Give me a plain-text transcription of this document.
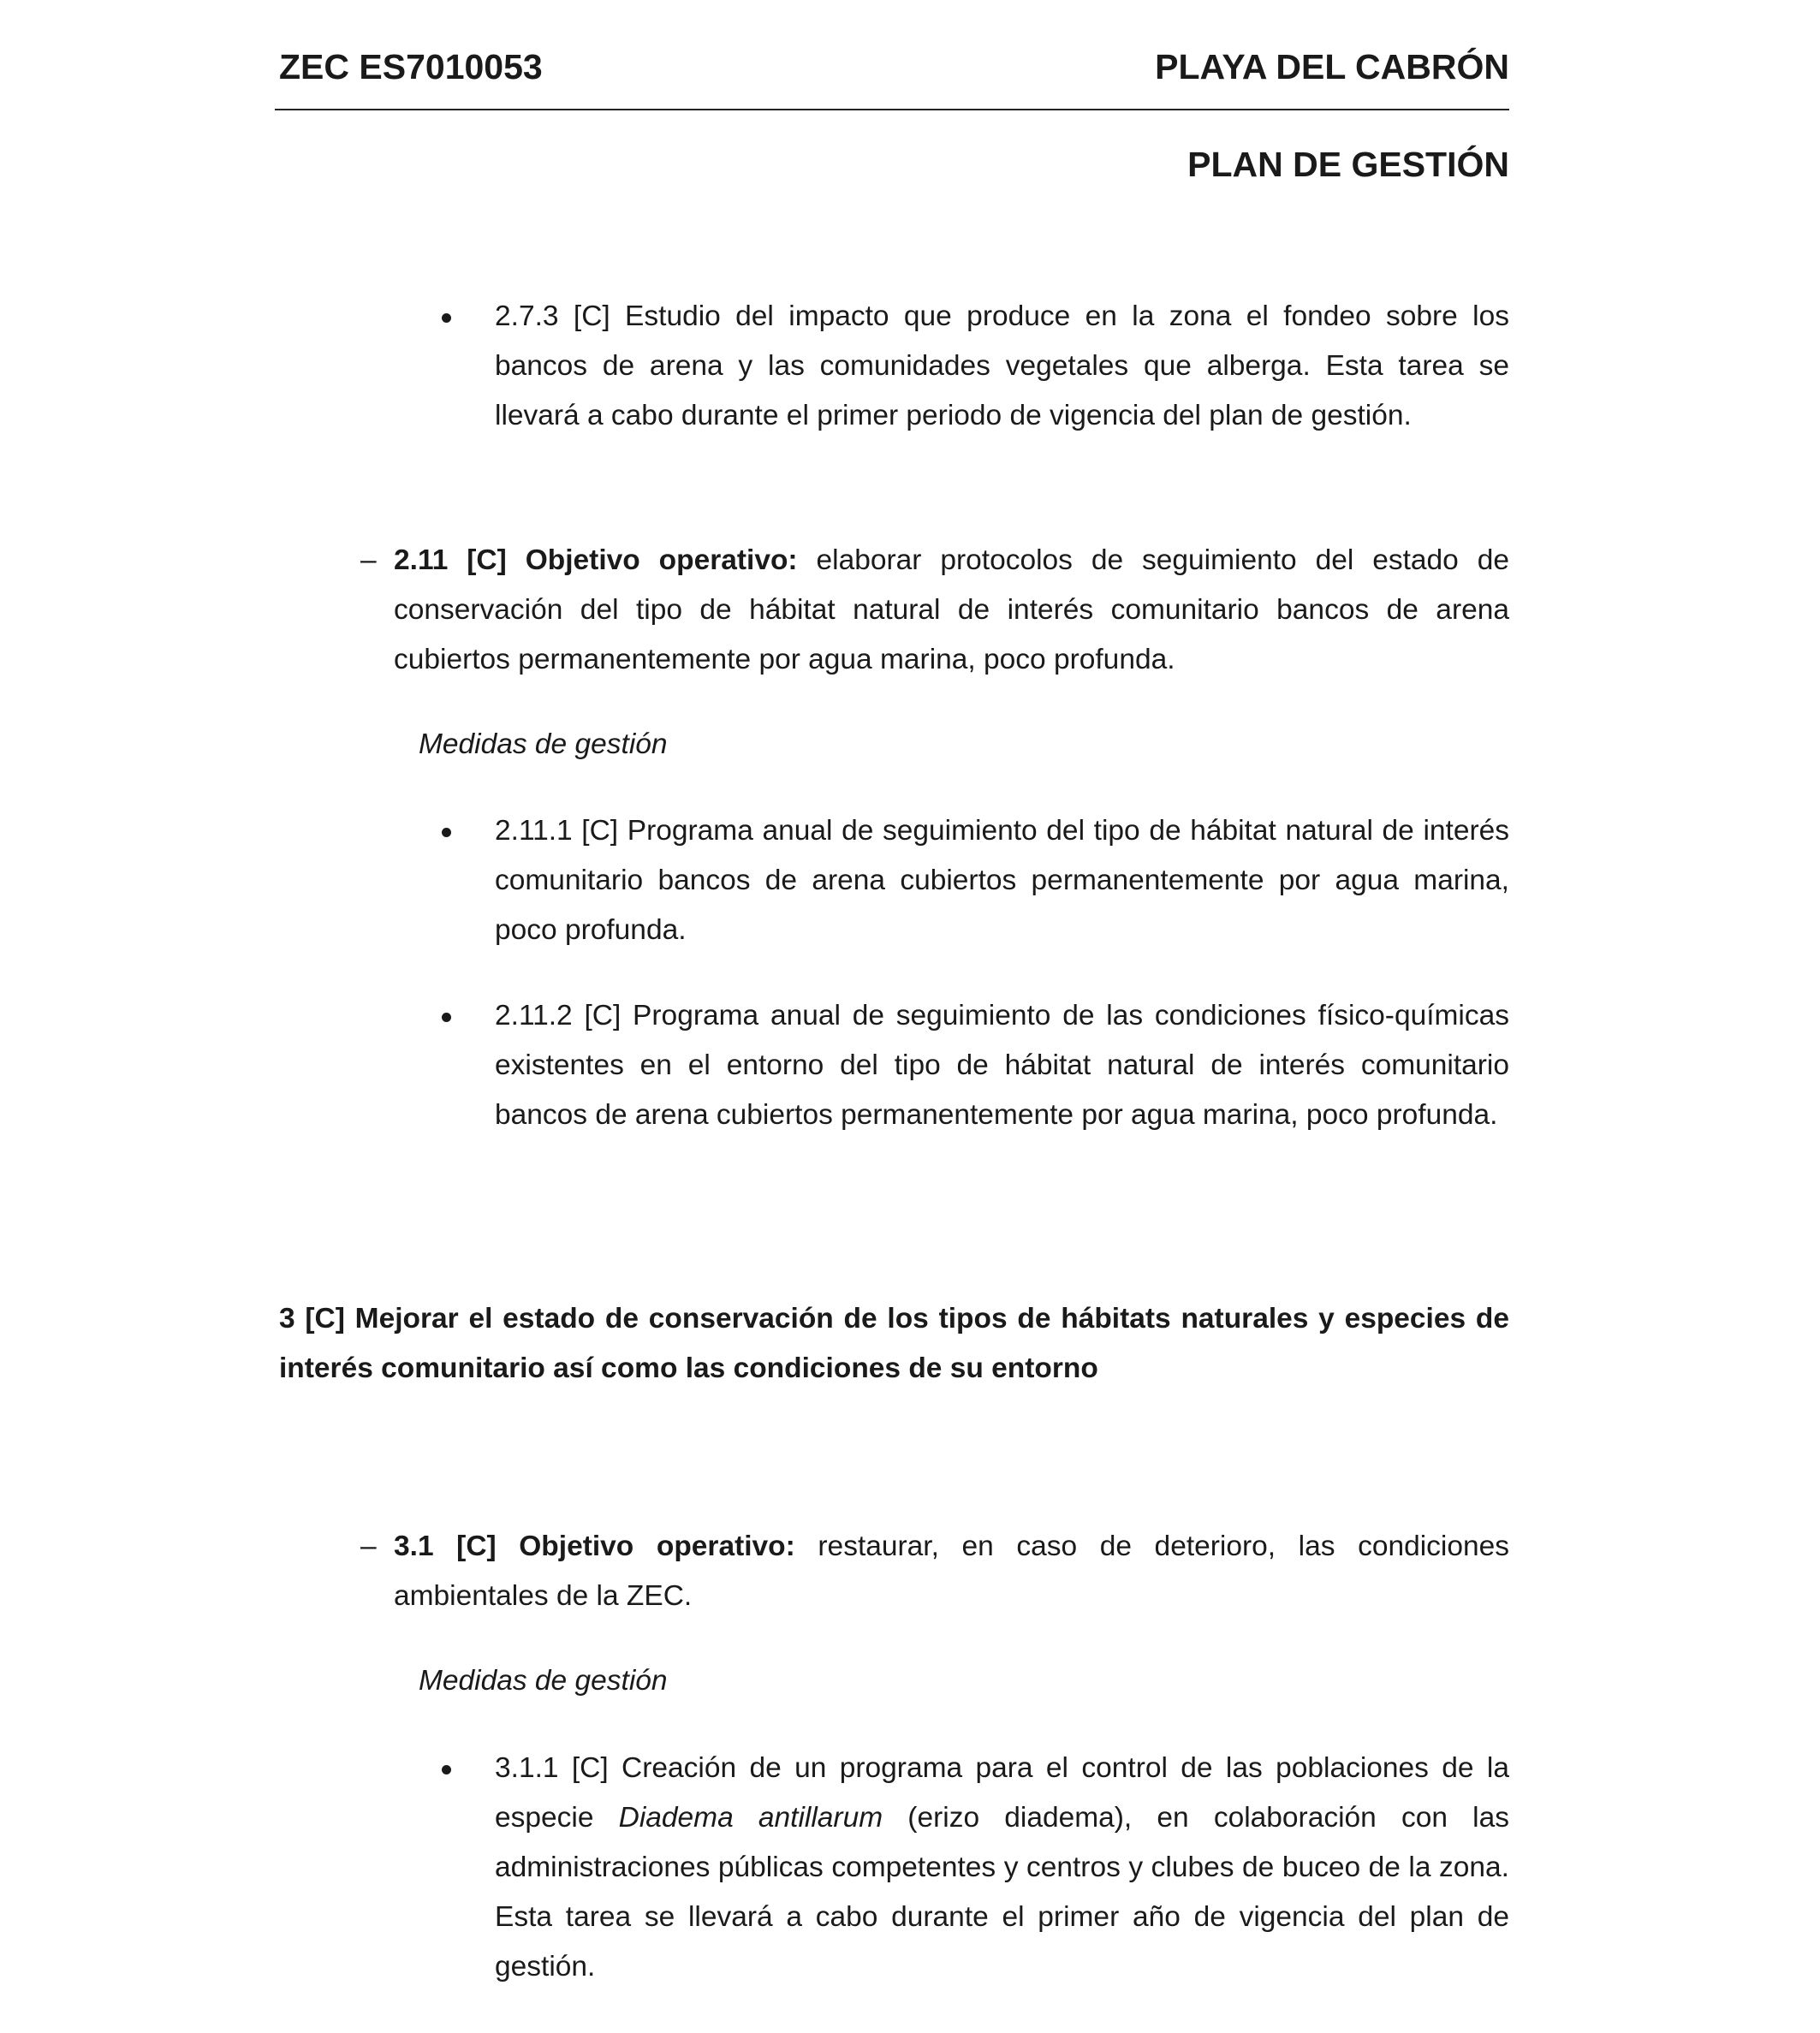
ZEC ES7010053	PLAYA DEL CABRÓN
PLAN DE GESTIÓN
2.7.3 [C] Estudio del impacto que produce en la zona el fondeo sobre los bancos de arena y las comunidades vegetales que alberga. Esta tarea se llevará a cabo durante el primer periodo de vigencia del plan de gestión.
– 2.11 [C] Objetivo operativo: elaborar protocolos de seguimiento del estado de conservación del tipo de hábitat natural de interés comunitario bancos de arena cubiertos permanentemente por agua marina, poco profunda.
Medidas de gestión
2.11.1 [C] Programa anual de seguimiento del tipo de hábitat natural de interés comunitario bancos de arena cubiertos permanentemente por agua marina, poco profunda.
2.11.2 [C] Programa anual de seguimiento de las condiciones físico-químicas existentes en el entorno del tipo de hábitat natural de interés comunitario bancos de arena cubiertos permanentemente por agua marina, poco profunda.
3 [C] Mejorar el estado de conservación de los tipos de hábitats naturales y especies de interés comunitario así como las condiciones de su entorno
– 3.1 [C] Objetivo operativo: restaurar, en caso de deterioro, las condiciones ambientales de la ZEC.
Medidas de gestión
3.1.1 [C] Creación de un programa para el control de las poblaciones de la especie Diadema antillarum (erizo diadema), en colaboración con las administraciones públicas competentes y centros y clubes de buceo de la zona. Esta tarea se llevará a cabo durante el primer año de vigencia del plan de gestión.
